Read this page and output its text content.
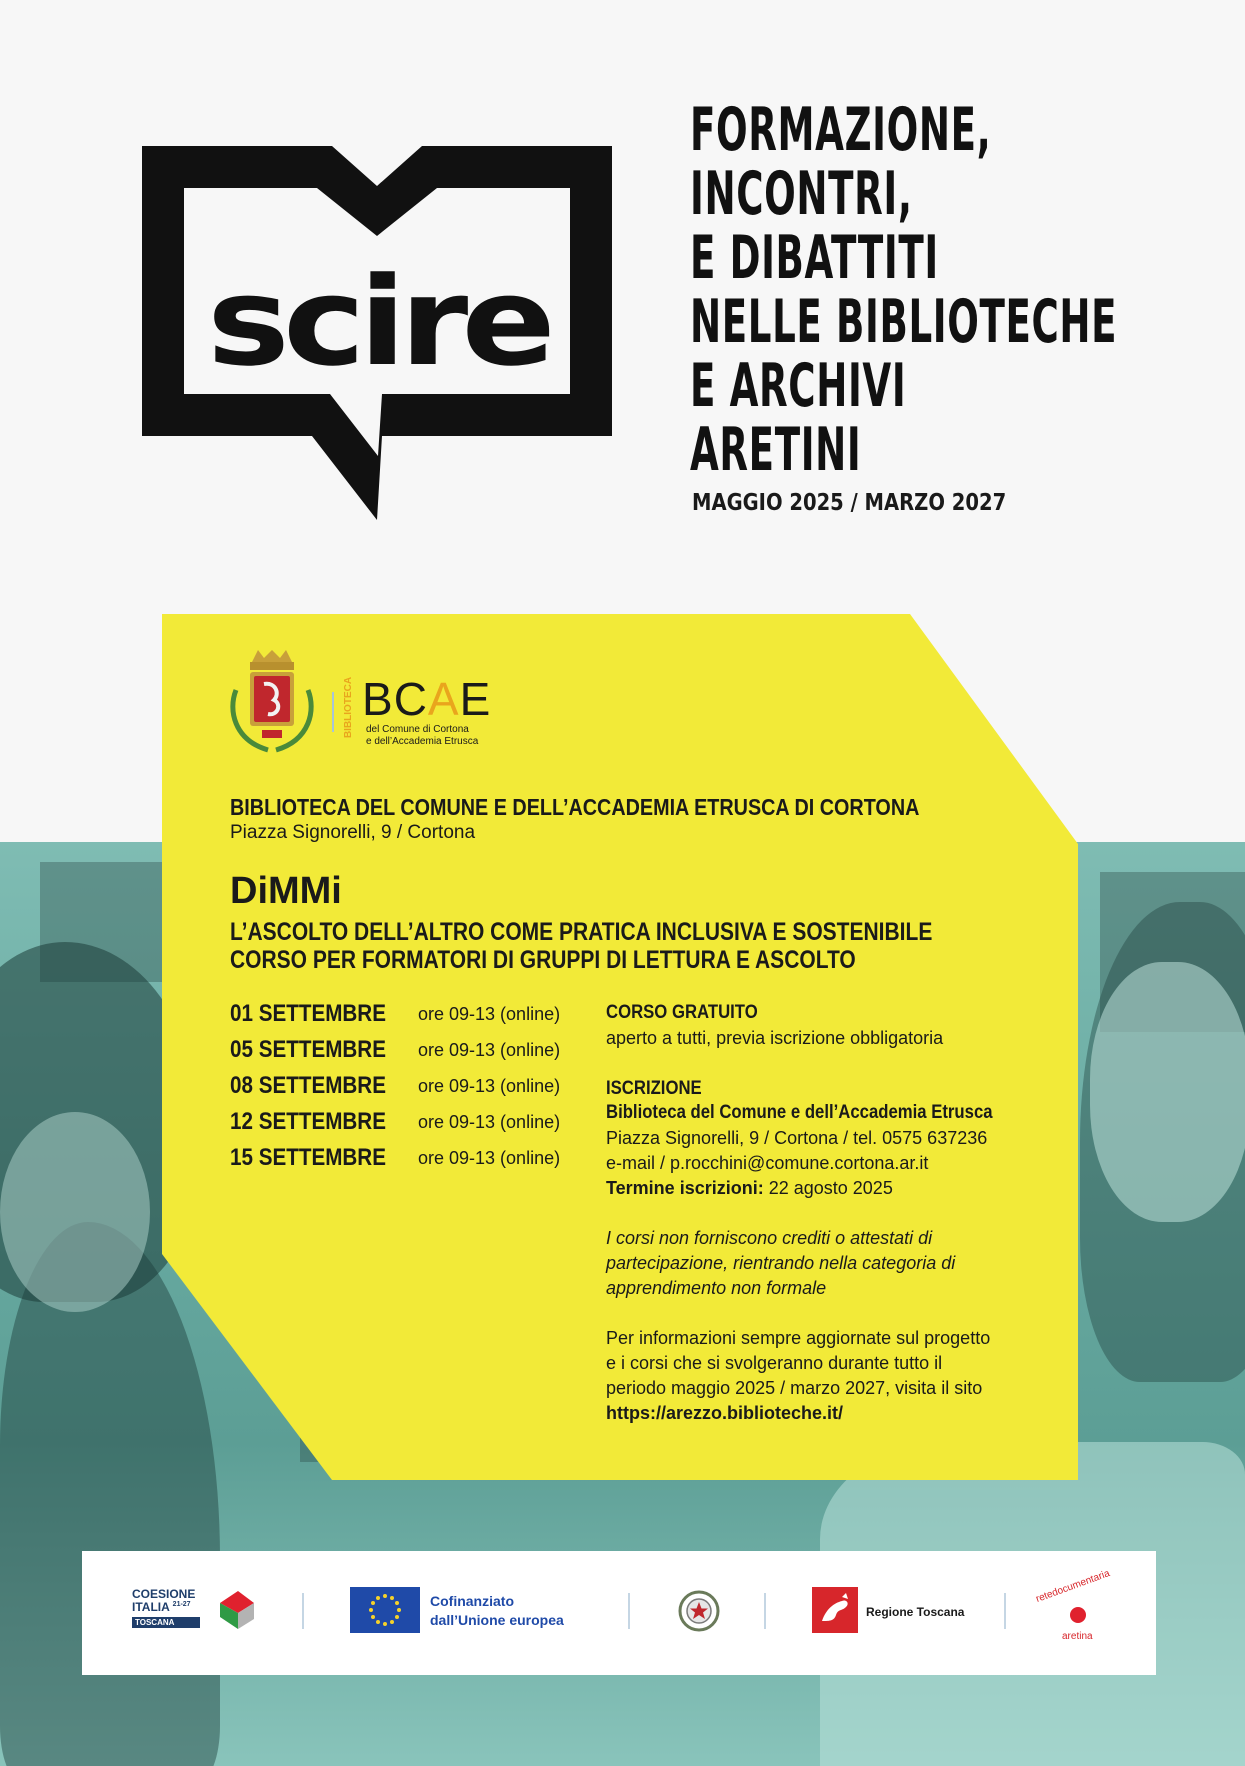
scire
FORMAZIONE,
INCONTRI,
E DIBATTITI
NELLE BIBLIOTECHE
E ARCHIVI
ARETINI
MAGGIO 2025 / MARZO 2027
BIBLIOTECA BCAE
del Comune di Cortona
e dell’Accademia Etrusca
BIBLIOTECA DEL COMUNE E DELL’ACCADEMIA ETRUSCA DI CORTONA
Piazza Signorelli, 9 / Cortona
DiMMi
L’ASCOLTO DELL’ALTRO COME PRATICA INCLUSIVA E SOSTENIBILE
CORSO PER FORMATORI DI GRUPPI DI LETTURA E ASCOLTO
01 SETTEMBRE ore 09-13 (online)
05 SETTEMBRE ore 09-13 (online)
08 SETTEMBRE ore 09-13 (online)
12 SETTEMBRE ore 09-13 (online)
15 SETTEMBRE ore 09-13 (online)
CORSO GRATUITO
aperto a tutti, previa iscrizione obbligatoria
ISCRIZIONE
Biblioteca del Comune e dell’Accademia Etrusca
Piazza Signorelli, 9 / Cortona / tel. 0575 637236
e-mail / p.rocchini@comune.cortona.ar.it
Termine iscrizioni: 22 agosto 2025
I corsi non forniscono crediti o attestati di
partecipazione, rientrando nella categoria di
apprendimento non formale
Per informazioni sempre aggiornate sul progetto
e i corsi che si svolgeranno durante tutto il
periodo maggio 2025 / marzo 2027, visita il sito
https://arezzo.biblioteche.it/
COESIONE
ITALIA $^{21-27}$
TOSCANA
Cofinanziato
dall’Unione europea	Regione Toscana
retedocumentaria
aretina
